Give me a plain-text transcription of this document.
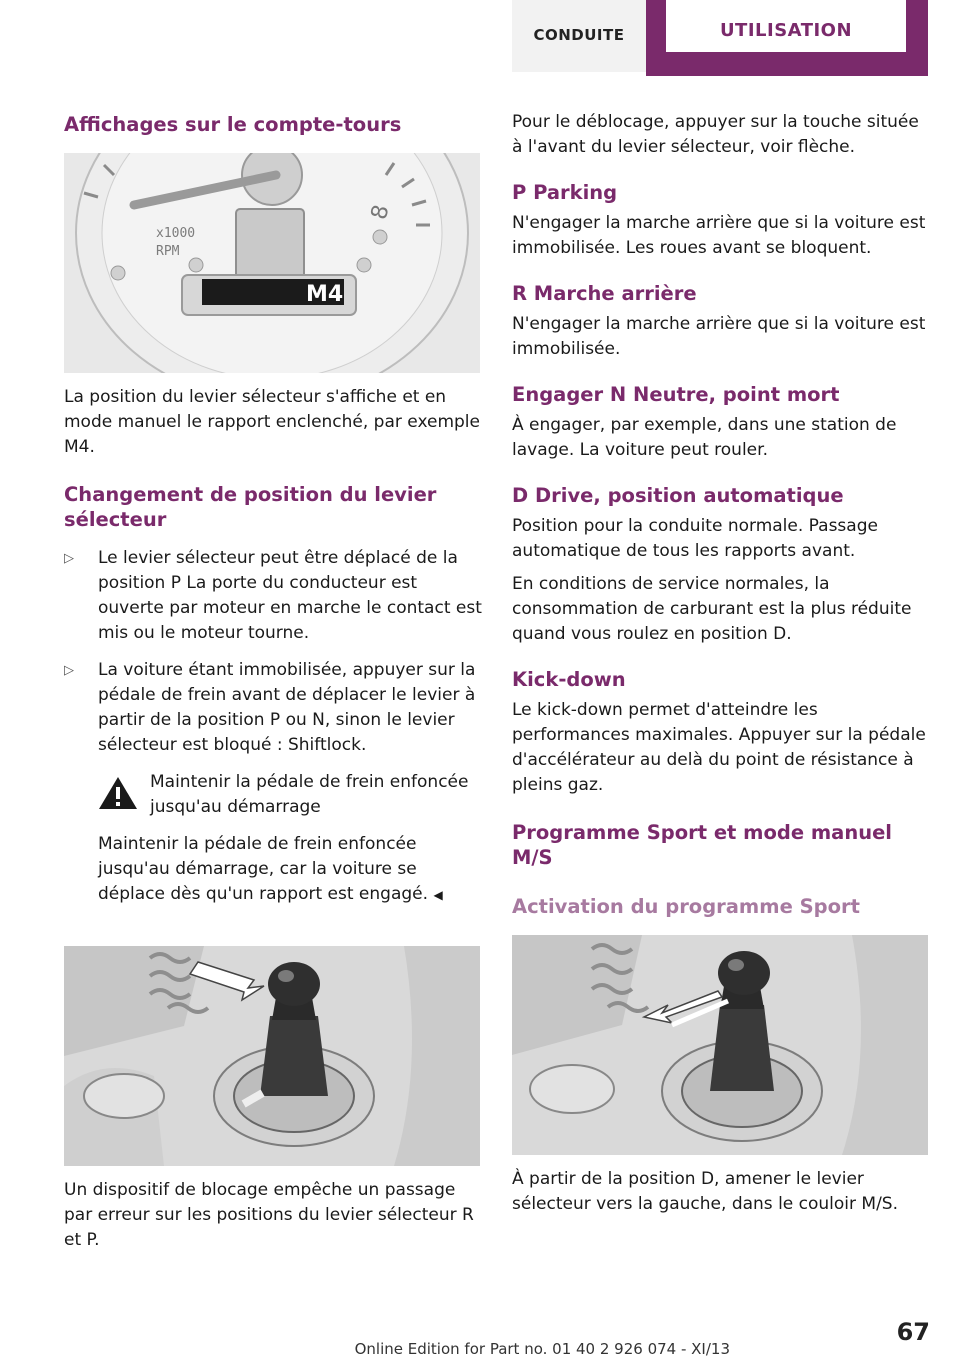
CONDUITE	UTILISATION
Affichages sur le compte-tours
x1000
RPM
M4
8

La position du levier sélecteur s'affiche et en mode manuel le rapport enclenché, par exemple M4.

Changement de position du levier sélecteur
▷ Le levier sélecteur peut être déplacé de la position P La porte du conducteur est ouverte par moteur en marche le contact est mis ou le moteur tourne.
▷ La voiture étant immobilisée, appuyer sur la pédale de frein avant de déplacer le levier à partir de la position P ou N, sinon le levier sélecteur est bloqué : Shiftlock.
Maintenir la pédale de frein enfoncée jusqu'au démarrage

Maintenir la pédale de frein enfoncée jusqu'au démarrage, car la voiture se déplace dès qu'un rapport est engagé. ◀

Un dispositif de blocage empêche un passage par erreur sur les positions du levier sélecteur R et P.

Pour le déblocage, appuyer sur la touche située à l'avant du levier sélecteur, voir flèche.

P Parking

N'engager la marche arrière que si la voiture est immobilisée. Les roues avant se bloquent.

R Marche arrière

N'engager la marche arrière que si la voiture est immobilisée.

Engager N Neutre, point mort

À engager, par exemple, dans une station de lavage. La voiture peut rouler.

D Drive, position automatique

Position pour la conduite normale. Passage automatique de tous les rapports avant.

En conditions de service normales, la consommation de carburant est la plus réduite quand vous roulez en position D.

Kick-down

Le kick-down permet d'atteindre les performances maximales. Appuyer sur la pédale d'accélérateur au delà du point de résistance à pleins gaz.

Programme Sport et mode manuel M/S
Activation du programme Sport

À partir de la position D, amener le levier sélecteur vers la gauche, dans le couloir M/S.

Online Edition for Part no. 01 40 2 926 074 - XI/13
67
